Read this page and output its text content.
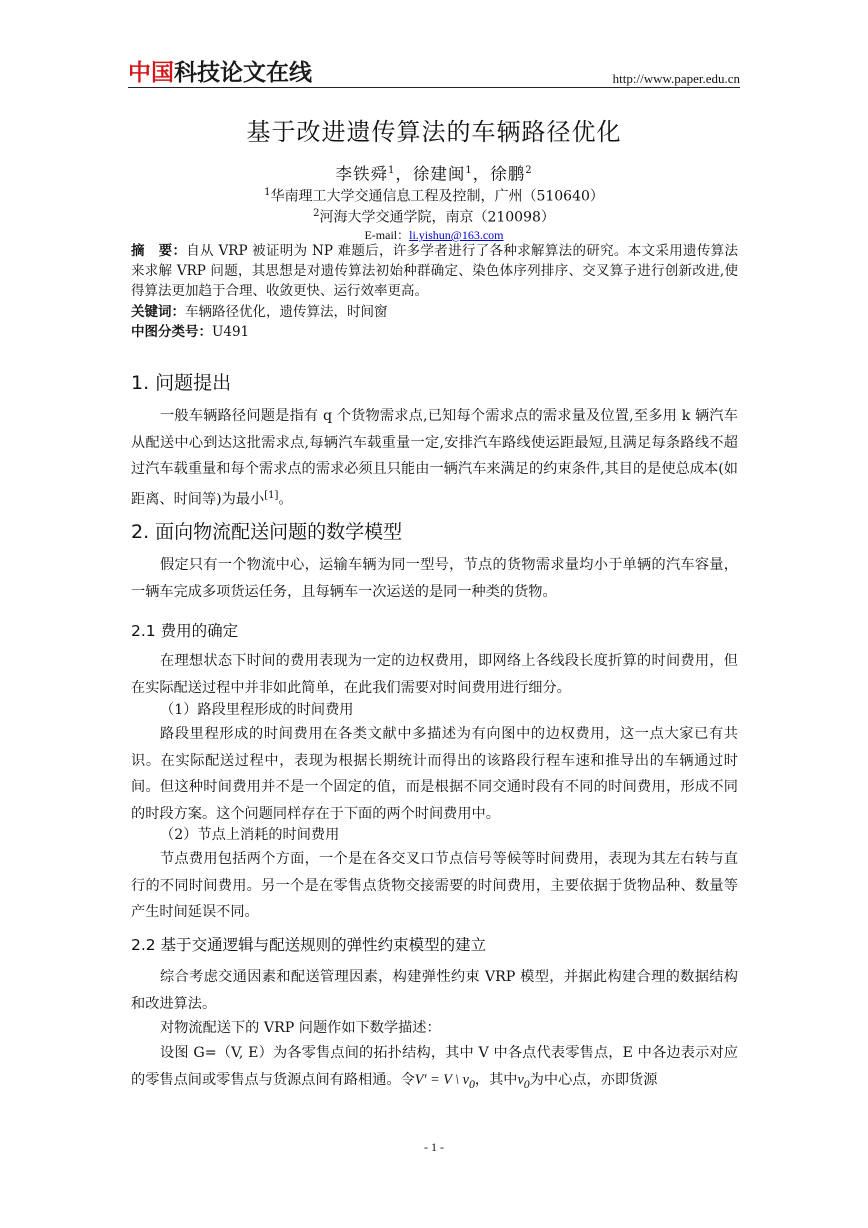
中国科技论文在线	http://www.paper.edu.cn
基于改进遗传算法的车辆路径优化
李铁舜$^1$，徐建闽$^1$，徐鹏$^2$
$^1$华南理工大学交通信息工程及控制，广州（510640）
$^2$河海大学交通学院，南京（210098）
E-mail：li.yishun@163.com
摘　要：自从 VRP 被证明为 NP 难题后，许多学者进行了各种求解算法的研究。本文采用遗传算法来求解 VRP 问题，其思想是对遗传算法初始种群确定、染色体序列排序、交叉算子进行创新改进,使得算法更加趋于合理、收敛更快、运行效率更高。
关键词：车辆路径优化，遗传算法，时间窗
中图分类号：U491
1. 问题提出
一般车辆路径问题是指有 q 个货物需求点,已知每个需求点的需求量及位置,至多用 k 辆汽车从配送中心到达这批需求点,每辆汽车载重量一定,安排汽车路线使运距最短,且满足每条路线不超过汽车载重量和每个需求点的需求必须且只能由一辆汽车来满足的约束条件,其目的是使总成本(如距离、时间等)为最小[1]。
2. 面向物流配送问题的数学模型
假定只有一个物流中心，运输车辆为同一型号，节点的货物需求量均小于单辆的汽车容量，一辆车完成多项货运任务，且每辆车一次运送的是同一种类的货物。
2.1 费用的确定
在理想状态下时间的费用表现为一定的边权费用，即网络上各线段长度折算的时间费用，但在实际配送过程中并非如此简单，在此我们需要对时间费用进行细分。
（1）路段里程形成的时间费用
路段里程形成的时间费用在各类文献中多描述为有向图中的边权费用，这一点大家已有共识。在实际配送过程中，表现为根据长期统计而得出的该路段行程车速和推导出的车辆通过时间。但这种时间费用并不是一个固定的值，而是根据不同交通时段有不同的时间费用，形成不同的时段方案。这个问题同样存在于下面的两个时间费用中。
（2）节点上消耗的时间费用
节点费用包括两个方面，一个是在各交叉口节点信号等候等时间费用，表现为其左右转与直行的不同时间费用。另一个是在零售点货物交接需要的时间费用，主要依据于货物品种、数量等产生时间延误不同。
2.2 基于交通逻辑与配送规则的弹性约束模型的建立
综合考虑交通因素和配送管理因素，构建弹性约束 VRP 模型，并据此构建合理的数据结构和改进算法。
对物流配送下的 VRP 问题作如下数学描述：
设图 G=（V, E）为各零售点间的拓扑结构，其中 V 中各点代表零售点，E 中各边表示对应的零售点间或零售点与货源点间有路相通。令V′ = V \ $v_0$，其中$v_0$为中心点，亦即货源
- 1 -
